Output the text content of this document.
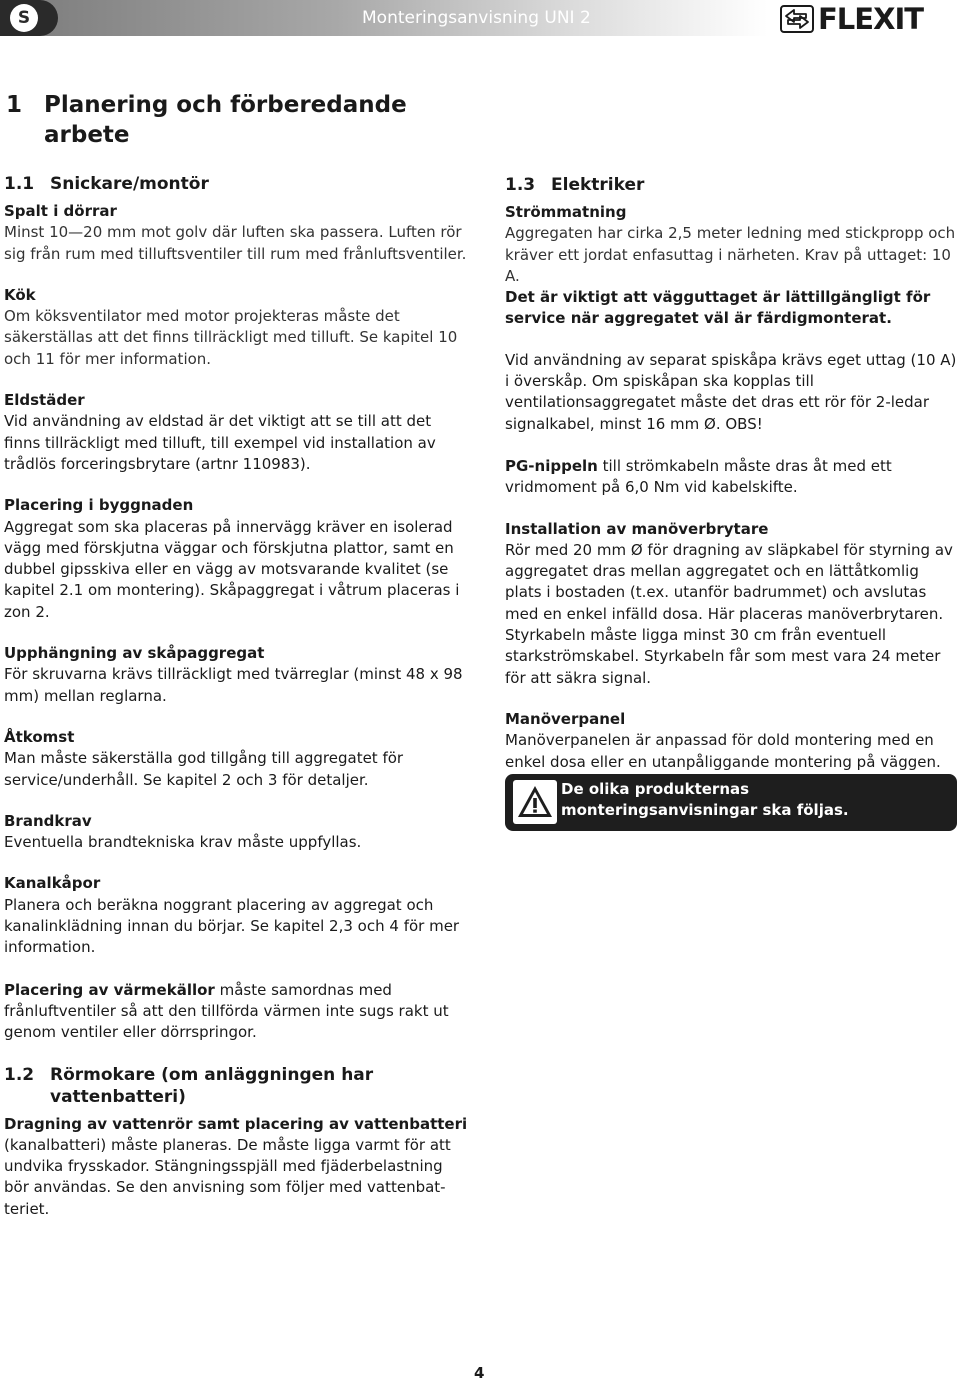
S	Monteringsanvisning UNI 2	FLEXIT
1 Planering och förberedande
arbete
1.1 Snickare/montör
Spalt i dörrar

Minst 10—20 mm mot golv där luften ska passera. Luften rör sig från rum med tilluftsventiler till rum med frånluftsventiler.

Kök

Om köksventilator med motor projekteras måste det säkerställas att det finns tillräckligt med tilluft. Se kapitel 10 och 11 för mer information.

Eldstäder

Vid användning av eldstad är det viktigt att se till att det finns tillräckligt med tilluft, till exempel vid installation av trådlös forceringsbrytare (artnr 110983).

Placering i byggnaden

Aggregat som ska placeras på innervägg kräver en isolerad vägg med förskjutna väggar och förskjutna plattor, samt en dubbel gipsskiva eller en vägg av motsvarande kvalitet (se kapitel 2.1 om montering). Skåpaggregat i våtrum placeras i zon 2.

Upphängning av skåpaggregat

För skruvarna krävs tillräckligt med tvärreglar (minst 48 x 98 mm) mellan reglarna.

Åtkomst

Man måste säkerställa god tillgång till aggregatet för service/underhåll. Se kapitel 2 och 3 för detaljer.

Brandkrav

Eventuella brandtekniska krav måste uppfyllas.

Kanalkåpor

Planera och beräkna noggrant placering av aggregat och kanalinklädning innan du börjar. Se kapitel 2,3 och 4 för mer information.

Placering av värmekällor måste samordnas med frånluftventiler så att den tillförda värmen inte sugs rakt ut genom ventiler eller dörrspringor.

1.2 Rörmokare (om anläggningen har
vattenbatteri)
Dragning av vattenrör samt placering av vattenbatteri

(kanalbatteri) måste planeras. De måste ligga varmt för att undvika frysskador. Stängningsspjäll med fjäderbelastning bör användas. Se den anvisning som följer med vattenbat-teriet.

1.3 Elektriker
Strömmatning

Aggregaten har cirka 2,5 meter ledning med stickpropp och kräver ett jordat enfasuttag i närheten. Krav på uttaget: 10 A.

Det är viktigt att vägguttaget är lättillgängligt för service när aggregatet väl är färdigmonterat.

Vid användning av separat spiskåpa krävs eget uttag (10 A) i överskåp. Om spiskåpan ska kopplas till ventilationsaggregatet måste det dras ett rör för 2-ledar signalkabel, minst 16 mm Ø. OBS!

PG-nippeln till strömkabeln måste dras åt med ett vridmoment på 6,0 Nm vid kabelskifte.

Installation av manöverbrytare

Rör med 20 mm Ø för dragning av släpkabel för styrning av aggregatet dras mellan aggregatet och en lättåtkomlig plats i bostaden (t.ex. utanför badrummet) och avslutas med en enkel infälld dosa. Här placeras manöverbrytaren. Styrkabeln måste ligga minst 30 cm från eventuell starkströmskabel. Styrkabeln får som mest vara 24 meter för att säkra signal.

Manöverpanel

Manöverpanelen är anpassad för dold montering med en enkel dosa eller en utanpåliggande montering på väggen.

De olika produkternas monteringsanvisningar ska följas.
4
